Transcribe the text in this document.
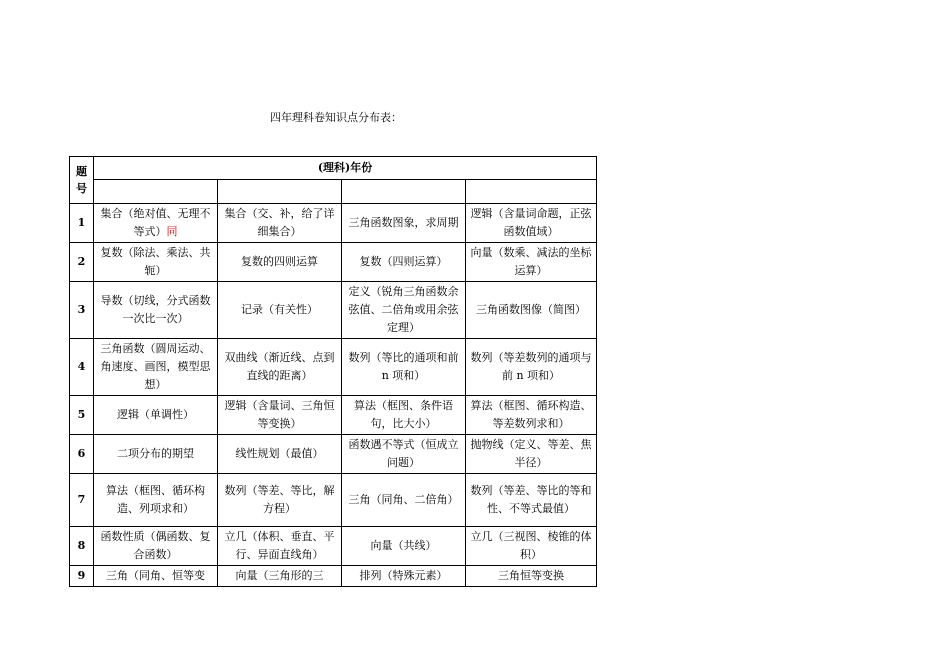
四年理科卷知识点分布表：
题号	(理科)年份			

1	集合（绝对值、无理不等式）同	集合（交、补，给了详细集合）	三角函数图象，求周期	逻辑（含量词命题，正弦函数值域）
2	复数（除法、乘法、共轭）	复数的四则运算	复数（四则运算）	向量（数乘、减法的坐标运算）
3	导数（切线，分式函数一次比一次）	记录（有关性）	定义（锐角三角函数余弦值、二倍角或用余弦定理）	三角函数图像（简图）
4	三角函数（圆周运动、角速度、画图，模型思想）	双曲线（渐近线、点到直线的距离）	数列（等比的通项和前 n 项和）	数列（等差数列的通项与前 n 项和）
5	逻辑（单调性）	逻辑（含量词、三角恒等变换）	算法（框图、条件语句，比大小）	算法（框图、循环构造、等差数列求和）
6	二项分布的期望	线性规划（最值）	函数遇不等式（恒成立问题）	抛物线（定义、等差、焦半径）
7	算法（框图、循环构造、列项求和）	数列（等差、等比，解方程）	三角（同角、二倍角）	数列（等差、等比的等和性、不等式最值）
8	函数性质（偶函数、复合函数）	立几（体积、垂直、平行、异面直线角）	向量（共线）	立几（三视图、棱锥的体积）
9	三角（同角、恒等变	向量（三角形的三	排列（特殊元素）	三角恒等变换
